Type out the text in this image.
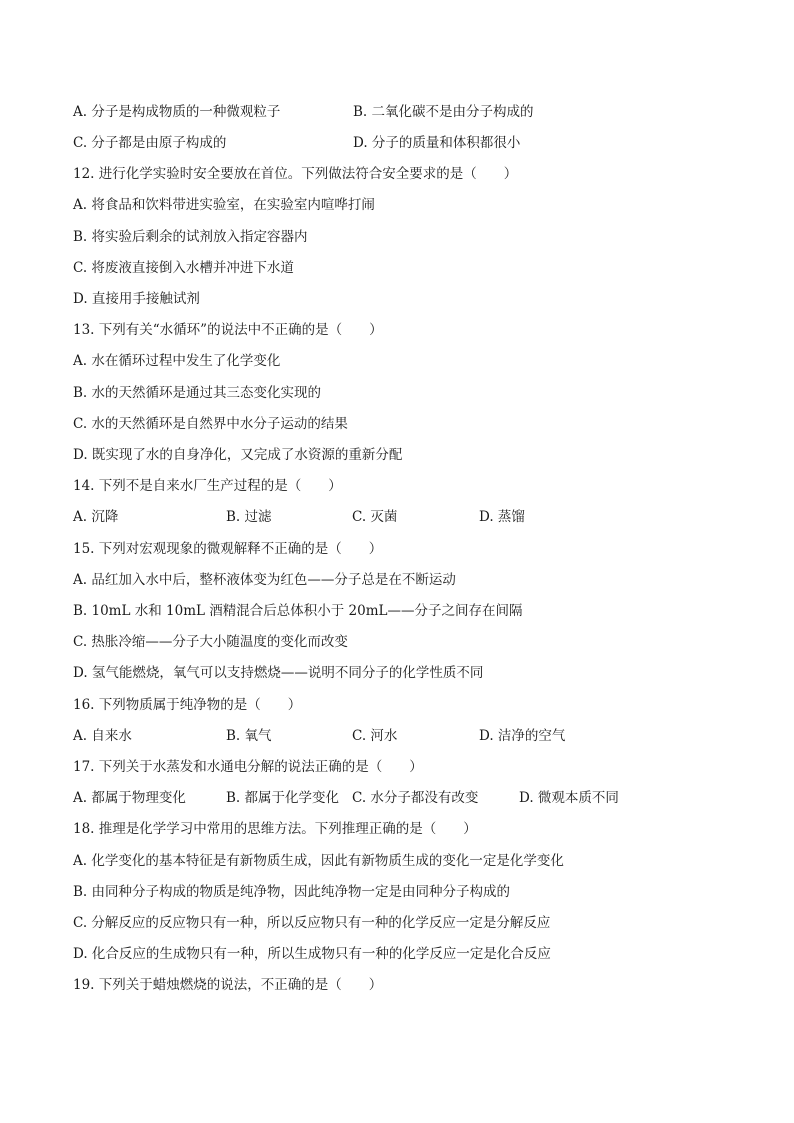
A. 分子是构成物质的一种微观粒子	B. 二氧化碳不是由分子构成的
C. 分子都是由原子构成的	D. 分子的质量和体积都很小
12. 进行化学实验时安全要放在首位。下列做法符合安全要求的是（　　）
A. 将食品和饮料带进实验室，在实验室内喧哗打闹
B. 将实验后剩余的试剂放入指定容器内
C. 将废液直接倒入水槽并冲进下水道
D. 直接用手接触试剂
13. 下列有关“水循环”的说法中不正确的是（　　）
A. 水在循环过程中发生了化学变化
B. 水的天然循环是通过其三态变化实现的
C. 水的天然循环是自然界中水分子运动的结果
D. 既实现了水的自身净化，又完成了水资源的重新分配
14. 下列不是自来水厂生产过程的是（　　）
A. 沉降	B. 过滤	C. 灭菌	D. 蒸馏
15. 下列对宏观现象的微观解释不正确的是（　　）
A. 品红加入水中后，整杯液体变为红色——分子总是在不断运动
B. 10mL 水和 10mL 酒精混合后总体积小于 20mL——分子之间存在间隔
C. 热胀冷缩——分子大小随温度的变化而改变
D. 氢气能燃烧，氧气可以支持燃烧——说明不同分子的化学性质不同
16. 下列物质属于纯净物的是（　　）
A. 自来水	B. 氧气	C. 河水	D. 洁净的空气
17. 下列关于水蒸发和水通电分解的说法正确的是（　　）
A. 都属于物理变化	B. 都属于化学变化 C. 水分子都没有改变	D. 微观本质不同
18. 推理是化学学习中常用的思维方法。下列推理正确的是（　　）
A. 化学变化的基本特征是有新物质生成，因此有新物质生成的变化一定是化学变化
B. 由同种分子构成的物质是纯净物，因此纯净物一定是由同种分子构成的
C. 分解反应的反应物只有一种，所以反应物只有一种的化学反应一定是分解反应
D. 化合反应的生成物只有一种，所以生成物只有一种的化学反应一定是化合反应
19. 下列关于蜡烛燃烧的说法，不正确的是（　　）
